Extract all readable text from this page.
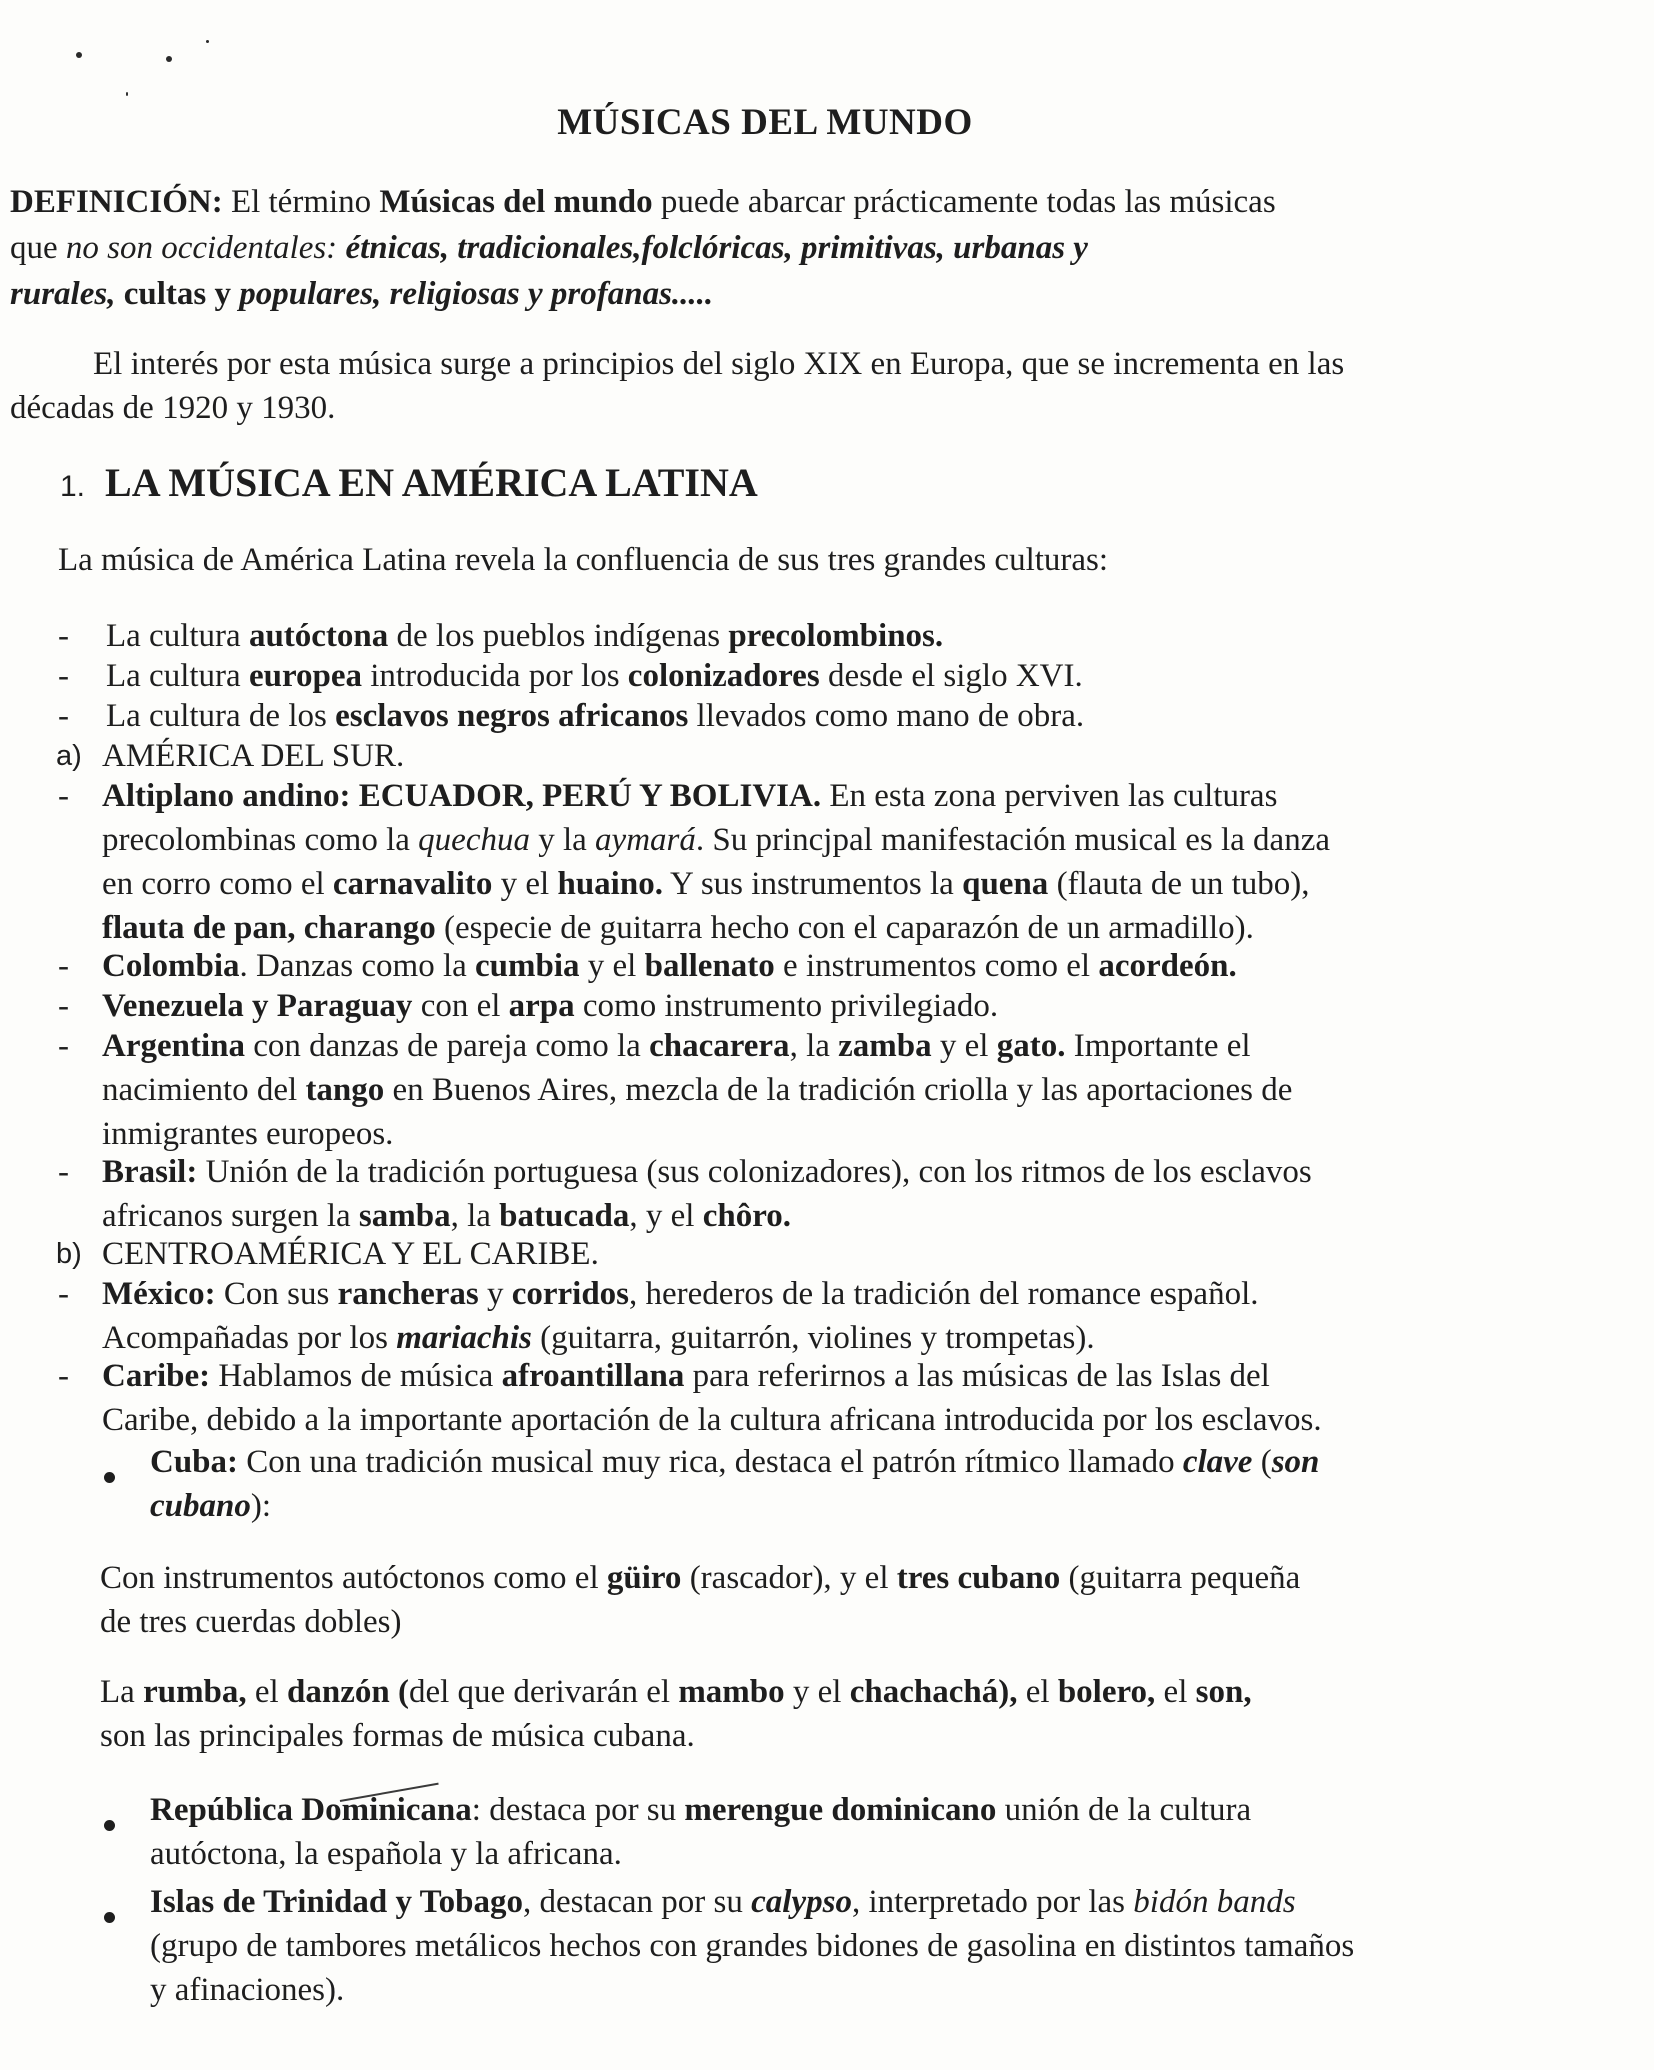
MÚSICAS DEL MUNDO
DEFINICIÓN: El término Músicas del mundo puede abarcar prácticamente todas las músicas
que no son occidentales: étnicas, tradicionales,folclóricas, primitivas, urbanas y
rurales, cultas y populares, religiosas y profanas.....
El interés por esta música surge a principios del siglo XIX en Europa, que se incrementa en las
décadas de 1920 y 1930.
1. LA MÚSICA EN AMÉRICA LATINA
La música de América Latina revela la confluencia de sus tres grandes culturas:
- La cultura autóctona de los pueblos indígenas precolombinos.
- La cultura europea introducida por los colonizadores desde el siglo XVI.
- La cultura de los esclavos negros africanos llevados como mano de obra.
a) AMÉRICA DEL SUR.
- Altiplano andino: ECUADOR, PERÚ Y BOLIVIA. En esta zona perviven las culturas
precolombinas como la quechua y la aymará. Su princjpal manifestación musical es la danza
en corro como el carnavalito y el huaino. Y sus instrumentos la quena (flauta de un tubo),
flauta de pan, charango (especie de guitarra hecho con el caparazón de un armadillo).
- Colombia. Danzas como la cumbia y el ballenato e instrumentos como el acordeón.
- Venezuela y Paraguay con el arpa como instrumento privilegiado.
- Argentina con danzas de pareja como la chacarera, la zamba y el gato. Importante el
nacimiento del tango en Buenos Aires, mezcla de la tradición criolla y las aportaciones de
inmigrantes europeos.
- Brasil: Unión de la tradición portuguesa (sus colonizadores), con los ritmos de los esclavos
africanos surgen la samba, la batucada, y el chôro.
b) CENTROAMÉRICA Y EL CARIBE.
- México: Con sus rancheras y corridos, herederos de la tradición del romance español.
Acompañadas por los mariachis (guitarra, guitarrón, violines y trompetas).
- Caribe: Hablamos de música afroantillana para referirnos a las músicas de las Islas del
Caribe, debido a la importante aportación de la cultura africana introducida por los esclavos.
Cuba: Con una tradición musical muy rica, destaca el patrón rítmico llamado clave (son
cubano):
Con instrumentos autóctonos como el güiro (rascador), y el tres cubano (guitarra pequeña
de tres cuerdas dobles)
La rumba, el danzón (del que derivarán el mambo y el chachachá), el bolero, el son,
son las principales formas de música cubana.
República Dominicana: destaca por su merengue dominicano unión de la cultura
autóctona, la española y la africana.
Islas de Trinidad y Tobago, destacan por su calypso, interpretado por las bidón bands
(grupo de tambores metálicos hechos con grandes bidones de gasolina en distintos tamaños
y afinaciones).
